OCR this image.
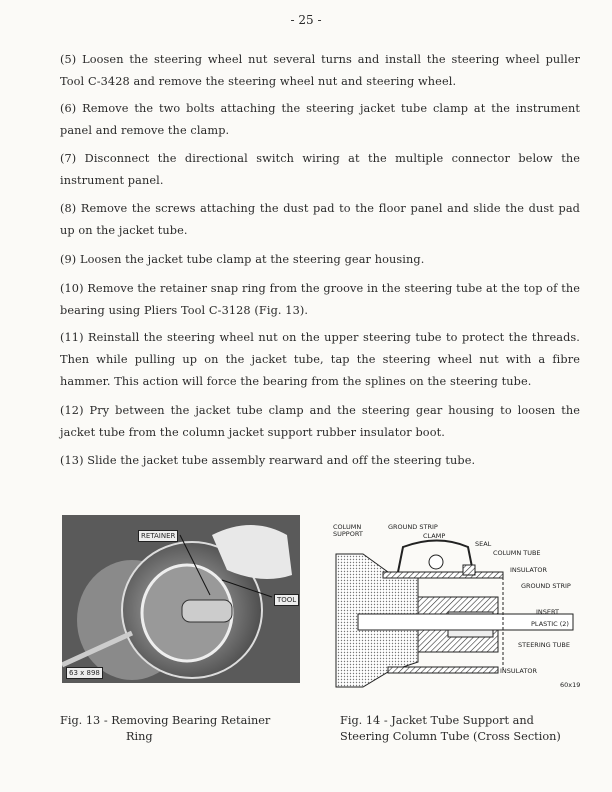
- 25 -
(5) Loosen the steering wheel nut several turns and install the steering wheel puller Tool C-3428 and remove the steering wheel nut and steering wheel.
(6) Remove the two bolts attaching the steering jacket tube clamp at the instrument panel and remove the clamp.
(7) Disconnect the directional switch wiring at the multiple connector below the instrument panel.
(8) Remove the screws attaching the dust pad to the floor panel and slide the dust pad up on the jacket tube.
(9) Loosen the jacket tube clamp at the steering gear housing.
(10) Remove the retainer snap ring from the groove in the steering tube at the top of the bearing using Pliers Tool C-3128 (Fig. 13).
(11) Reinstall the steering wheel nut on the upper steering tube to protect the threads. Then while pulling up on the jacket tube, tap the steering wheel nut with a fibre hammer. This action will force the bearing from the splines on the steering tube.
(12) Pry between the jacket tube clamp and the steering gear housing to loosen the jacket tube from the column jacket support rubber insulator boot.
(13) Slide the jacket tube assembly rearward and off the steering tube.
RETAINER
TOOL
63 x 898
COLUMN
SUPPORT
GROUND STRIP
CLAMP
SEAL
COLUMN TUBE
INSULATOR
GROUND STRIP
INSERT
PLASTIC (2)
STEERING TUBE
INSULATOR
60x19
Fig. 13 - Removing Bearing Retainer
Ring
Fig. 14 - Jacket Tube Support and
Steering Column Tube (Cross Section)
